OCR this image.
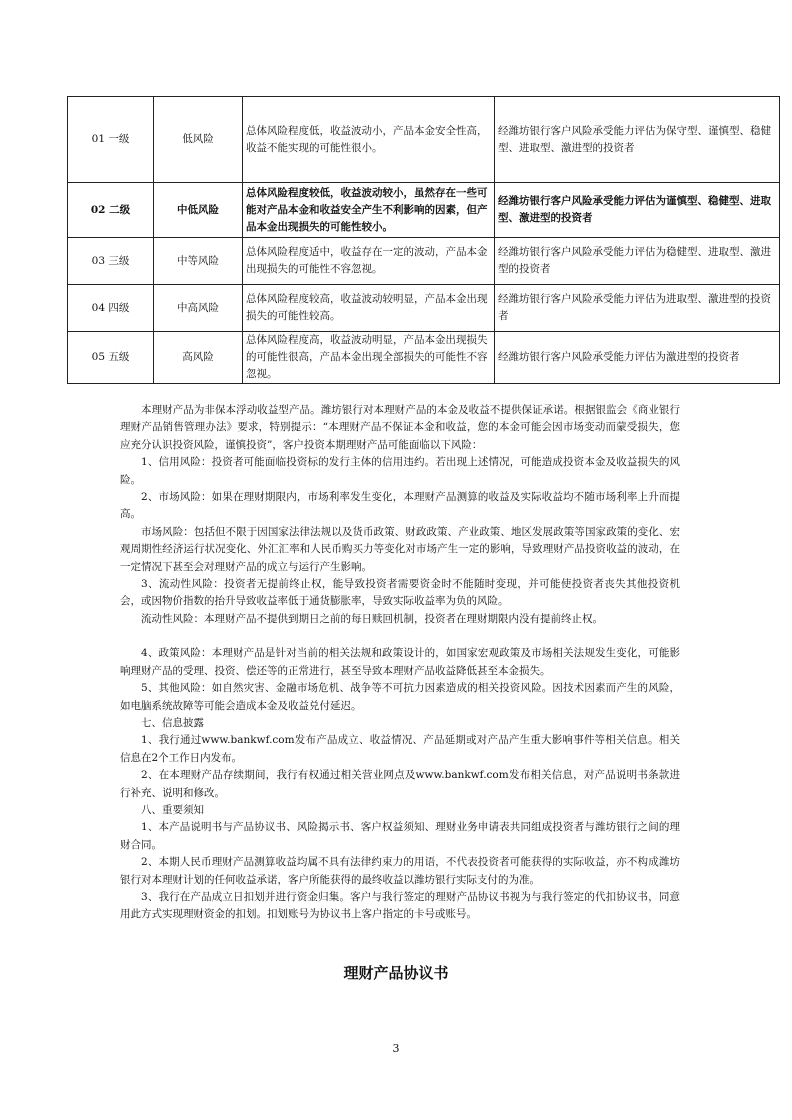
01 一级	低风险	总体风险程度低，收益波动小，产品本金安全性高，收益不能实现的可能性很小。	经潍坊银行客户风险承受能力评估为保守型、谨慎型、稳健型、进取型、激进型的投资者
02 二级	中低风险	总体风险程度较低，收益波动较小，虽然存在一些可能对产品本金和收益安全产生不利影响的因素，但产品本金出现损失的可能性较小。	经潍坊银行客户风险承受能力评估为谨慎型、稳健型、进取型、激进型的投资者
03 三级	中等风险	总体风险程度适中，收益存在一定的波动，产品本金出现损失的可能性不容忽视。	经潍坊银行客户风险承受能力评估为稳健型、进取型、激进型的投资者
04 四级	中高风险	总体风险程度较高，收益波动较明显，产品本金出现损失的可能性较高。	经潍坊银行客户风险承受能力评估为进取型、激进型的投资者
05 五级	高风险	总体风险程度高，收益波动明显，产品本金出现损失的可能性很高，产品本金出现全部损失的可能性不容忽视。	经潍坊银行客户风险承受能力评估为激进型的投资者

本理财产品为非保本浮动收益型产品。潍坊银行对本理财产品的本金及收益不提供保证承诺。根据银监会《商业银行理财产品销售管理办法》要求，特别提示：“本理财产品不保证本金和收益，您的本金可能会因市场变动而蒙受损失，您应充分认识投资风险，谨慎投资”，客户投资本期理财产品可能面临以下风险：

1、信用风险：投资者可能面临投资标的发行主体的信用违约。若出现上述情况，可能造成投资本金及收益损失的风险。

2、市场风险：如果在理财期限内，市场利率发生变化，本理财产品测算的收益及实际收益均不随市场利率上升而提高。

市场风险：包括但不限于因国家法律法规以及货币政策、财政政策、产业政策、地区发展政策等国家政策的变化、宏观周期性经济运行状况变化、外汇汇率和人民币购买力等变化对市场产生一定的影响，导致理财产品投资收益的波动，在一定情况下甚至会对理财产品的成立与运行产生影响。

3、流动性风险：投资者无提前终止权，能导致投资者需要资金时不能随时变现，并可能使投资者丧失其他投资机会，或因物价指数的抬升导致收益率低于通货膨胀率，导致实际收益率为负的风险。

流动性风险：本理财产品不提供到期日之前的每日赎回机制，投资者在理财期限内没有提前终止权。

4、政策风险：本理财产品是针对当前的相关法规和政策设计的，如国家宏观政策及市场相关法规发生变化，可能影响理财产品的受理、投资、偿还等的正常进行，甚至导致本理财产品收益降低甚至本金损失。

5、其他风险：如自然灾害、金融市场危机、战争等不可抗力因素造成的相关投资风险。因技术因素而产生的风险，如电脑系统故障等可能会造成本金及收益兑付延迟。

七、信息披露

1、我行通过www.bankwf.com发布产品成立、收益情况、产品延期或对产品产生重大影响事件等相关信息。相关信息在2个工作日内发布。

2、在本理财产品存续期间，我行有权通过相关营业网点及www.bankwf.com发布相关信息，对产品说明书条款进行补充、说明和修改。

八、重要须知

1、本产品说明书与产品协议书、风险揭示书、客户权益须知、理财业务申请表共同组成投资者与潍坊银行之间的理财合同。

2、本期人民币理财产品测算收益均属不具有法律约束力的用语，不代表投资者可能获得的实际收益，亦不构成潍坊银行对本理财计划的任何收益承诺，客户所能获得的最终收益以潍坊银行实际支付的为准。

3、我行在产品成立日扣划并进行资金归集。客户与我行签定的理财产品协议书视为与我行签定的代扣协议书，同意用此方式实现理财资金的扣划。扣划账号为协议书上客户指定的卡号或账号。

理财产品协议书
3
